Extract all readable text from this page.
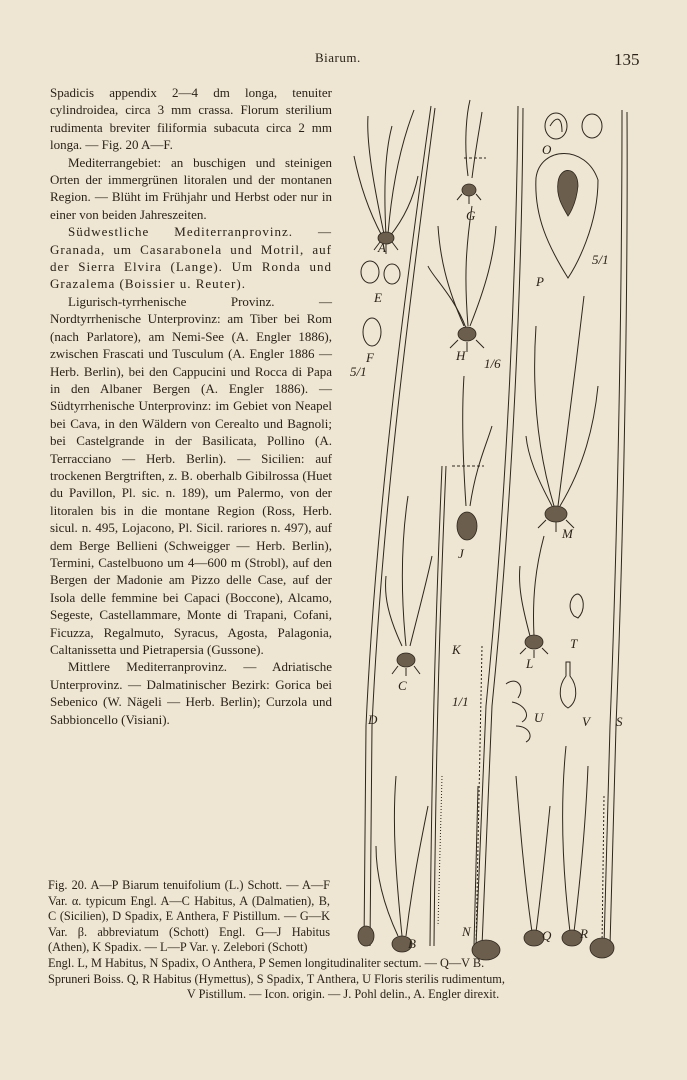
Biarum.	135

Spadicis appendix 2—4 dm longa, tenuiter cylindroidea, circa 3 mm crassa. Florum sterilium rudimenta breviter filiformia subacuta circa 2 mm longa. — Fig. 20 A—F.

Mediterrangebiet: an buschigen und steinigen Orten der immergrünen litoralen und der montanen Region. — Blüht im Frühjahr und Herbst oder nur in einer von beiden Jahreszeiten.

Südwestliche Mediterranprovinz. — Granada, um Casarabonela und Motril, auf der Sierra Elvira (Lange). Um Ronda und Grazalema (Boissier u. Reuter).

Ligurisch-tyrrhenische Provinz. — Nordtyrrhenische Unterprovinz: am Tiber bei Rom (nach Parlatore), am Nemi-See (A. Engler 1886), zwischen Frascati und Tusculum (A. Engler 1886 — Herb. Berlin), bei den Cappucini und Rocca di Papa in den Albaner Bergen (A. Engler 1886). — Südtyrrhenische Unterprovinz: im Gebiet von Neapel bei Cava, in den Wäldern von Cerealto und Bagnoli; bei Castelgrande in der Basilicata, Pollino (A. Terracciano — Herb. Berlin). — Sicilien: auf trockenen Bergtriften, z. B. oberhalb Gibilrossa (Huet du Pavillon, Pl. sic. n. 189), um Palermo, von der litoralen bis in die montane Region (Ross, Herb. sicul. n. 495, Lojacono, Pl. Sicil. rariores n. 497), auf dem Berge Bellieni (Schweigger — Herb. Berlin), Termini, Castelbuono um 4—600 m (Strobl), auf den Bergen der Madonie am Pizzo delle Case, auf der Isola delle femmine bei Capaci (Boccone), Alcamo, Segeste, Castellammare, Monte di Trapani, Cofani, Ficuzza, Regalmuto, Syracus, Agosta, Palagonia, Caltanissetta und Pietrapersia (Gussone).

Mittlere Mediterranprovinz. — Adriatische Unterprovinz. — Dalmatinischer Bezirk: Gorica bei Sebenico (W. Nägeli — Herb. Berlin); Curzola und Sabbioncello (Visiani).

A
B
C
D
E
F
G
H
J
K
L
M
N
O
P
Q R
S
T
U	V
5/1
1/6
1/1
5/1
Fig. 20. A—P Biarum tenuifolium (L.) Schott. — A—F Var. α. typicum Engl. A—C Habitus, A (Dalmatien), B, C (Sicilien), D Spadix, E Anthera, F Pistillum. — G—K Var. β. abbreviatum (Schott) Engl. G—J Habitus (Athen), K Spadix. — L—P Var. γ. Zelebori (Schott)
Engl. L, M Habitus, N Spadix, O Anthera, P Semen longitudinaliter sectum. — Q—V B.
Spruneri Boiss. Q, R Habitus (Hymettus), S Spadix, T Anthera, U Floris sterilis rudimentum,
V Pistillum. — Icon. origin. — J. Pohl delin., A. Engler direxit.
